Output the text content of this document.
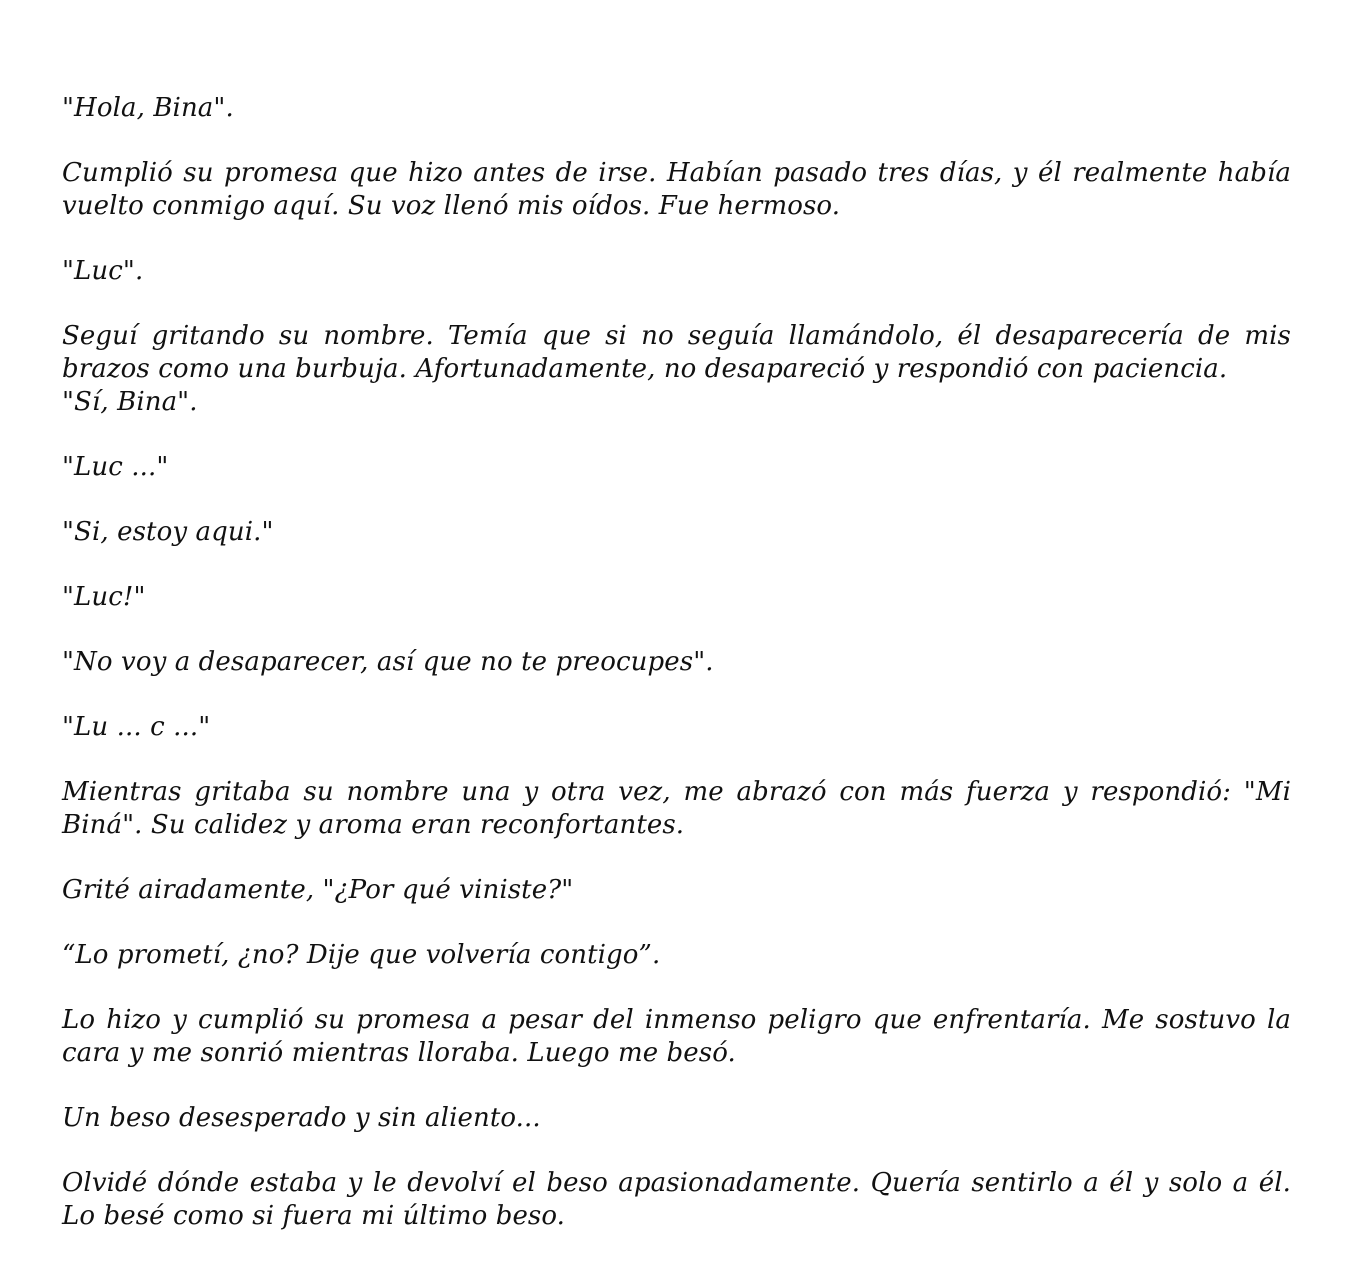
"Hola, Bina".

Cumplió su promesa que hizo antes de irse. Habían pasado tres días, y él realmente había vuelto conmigo aquí. Su voz llenó mis oídos. Fue hermoso.

"Luc".

Seguí gritando su nombre. Temía que si no seguía llamándolo, él desaparecería de mis brazos como una burbuja. Afortunadamente, no desapareció y respondió con paciencia.
"Sí, Bina".

"Luc ..."

"Si, estoy aqui."

"Luc!"

"No voy a desaparecer, así que no te preocupes".

"Lu ... c ..."

Mientras gritaba su nombre una y otra vez, me abrazó con más fuerza y respondió: "Mi Biná". Su calidez y aroma eran reconfortantes.

Grité airadamente, "¿Por qué viniste?"

“Lo prometí, ¿no? Dije que volvería contigo”.

Lo hizo y cumplió su promesa a pesar del inmenso peligro que enfrentaría. Me sostuvo la cara y me sonrió mientras lloraba. Luego me besó.

Un beso desesperado y sin aliento...

Olvidé dónde estaba y le devolví el beso apasionadamente. Quería sentirlo a él y solo a él. Lo besé como si fuera mi último beso.
